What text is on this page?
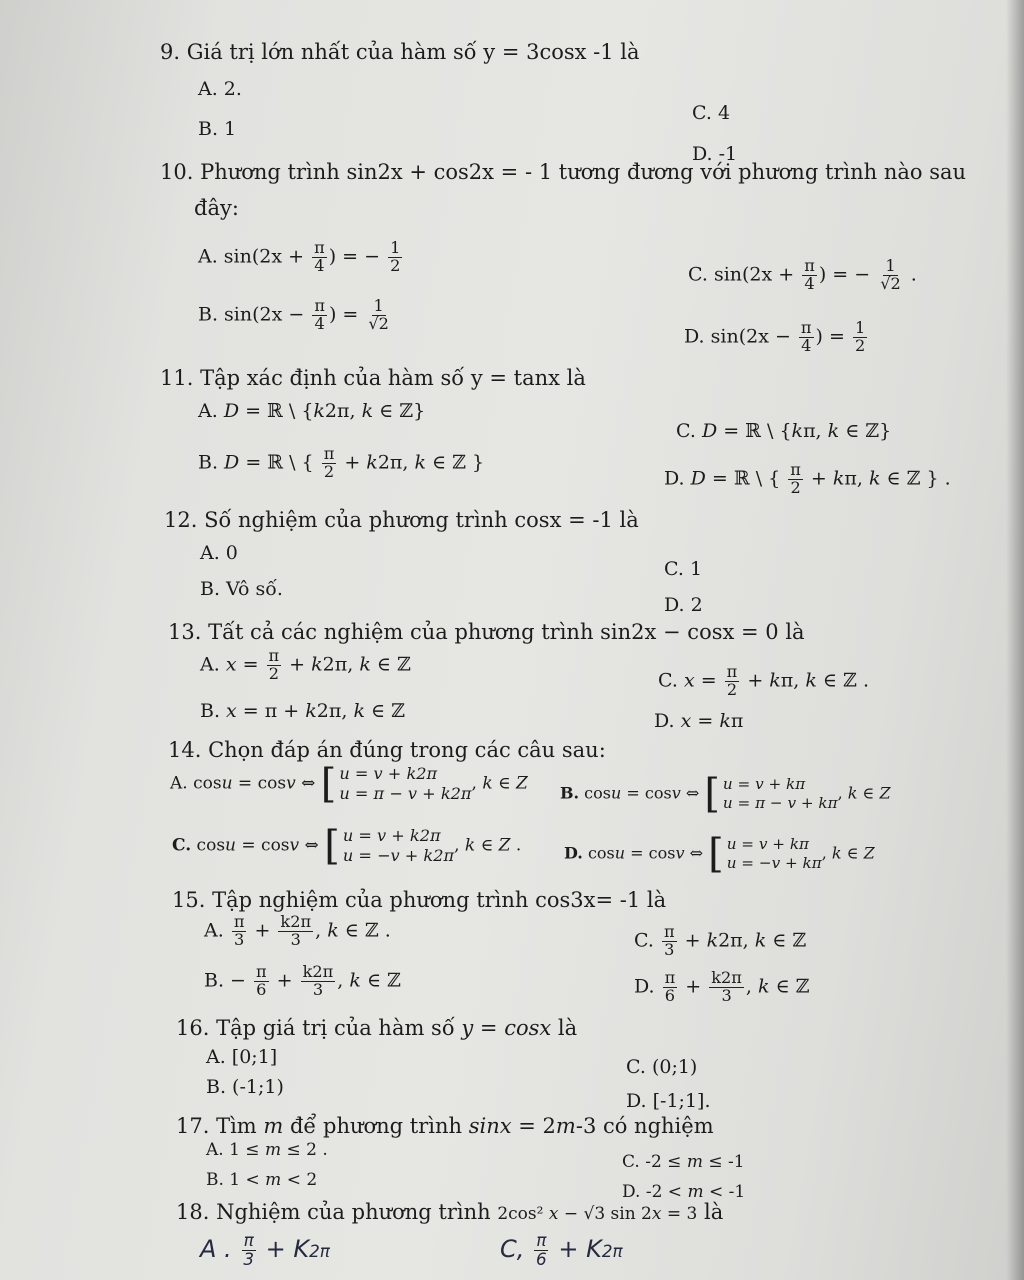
9. Giá trị lớn nhất của hàm số y = 3cosx -1 là
A. 2.
B. 1
C. 4
D. -1
10. Phương trình sin2x + cos2x = - 1 tương đương với phương trình nào sau
đây:
A. $\sin(2x + \frac{\pi}{4}$ ) = − $\frac{1}{2}$
B. $\sin(2x - \frac{\pi}{4}$ ) = $\frac{1}{√2}$
C. $\sin(2x + \frac{\pi}{4}$ ) = − $\frac{1}{√2}$ .
D. $\sin(2x - \frac{\pi}{4}$ ) = $\frac{1}{2}$
11. Tập xác định của hàm số y = tanx là
A. D = ℝ \ {k2π, k ∈ ℤ}
B. D = ℝ \ { $\frac{\pi}{2} + k2\pi$, k ∈ ℤ }
C. D = ℝ \ {kπ, k ∈ ℤ}
D. D = ℝ \ { $\frac{\pi}{2} + k\pi$, k ∈ ℤ } .
12. Số nghiệm của phương trình cosx = -1 là
A. 0
B. Vô số.
C. 1
D. 2
13. Tất cả các nghiệm của phương trình sin2x − cosx = 0 là
A. $x = \frac{\pi}{2} + k2\pi$, k ∈ ℤ
B. x = π + k2π, k ∈ ℤ
C. $x = \frac{\pi}{2} + k\pi$, k ∈ ℤ .
D. x = kπ
14. Chọn đáp án đúng trong các câu sau:
A. cosu = cosv ⇔ [ u = v + k2π
u = π − v + k2π , k ∈ Z B. cosu = cosv ⇔ [ u = v + kπ
u = π − v + kπ
, k ∈ Z
C. cosu = cosv ⇔ [ u = v + k2π
u = −v + k2π , k ∈ Z .	D. cosu = cosv ⇔ [ u = v + kπ
u = −v + kπ
, k ∈ Z
15. Tập nghiệm của phương trình cos3x= -1 là
A. $\frac{\pi}{3} + \frac{k2\pi}{3}$ , k ∈ ℤ .
B. − $\frac{\pi}{6} + \frac{k2\pi}{3}$ , k ∈ ℤ
C. $\frac{\pi}{3} + k2\pi$, k ∈ ℤ
D. $\frac{\pi}{6} + \frac{k2\pi}{3}$ , k ∈ ℤ
16. Tập giá trị của hàm số y = cosx là
A. [0;1]
B. (-1;1)
C. (0;1)
D. [-1;1].
17. Tìm m để phương trình sinx = 2m-3 có nghiệm
A. 1 ≤ m ≤ 2 .
B. 1 < m < 2
C. -2 ≤ m ≤ -1
D. -2 < m < -1
18. Nghiệm của phương trình 2cos² x − √3 sin 2x = 3 là
A . $\frac{\pi}{3} + K2\pi$	C, $\frac{\pi}{6} + K2\pi$
